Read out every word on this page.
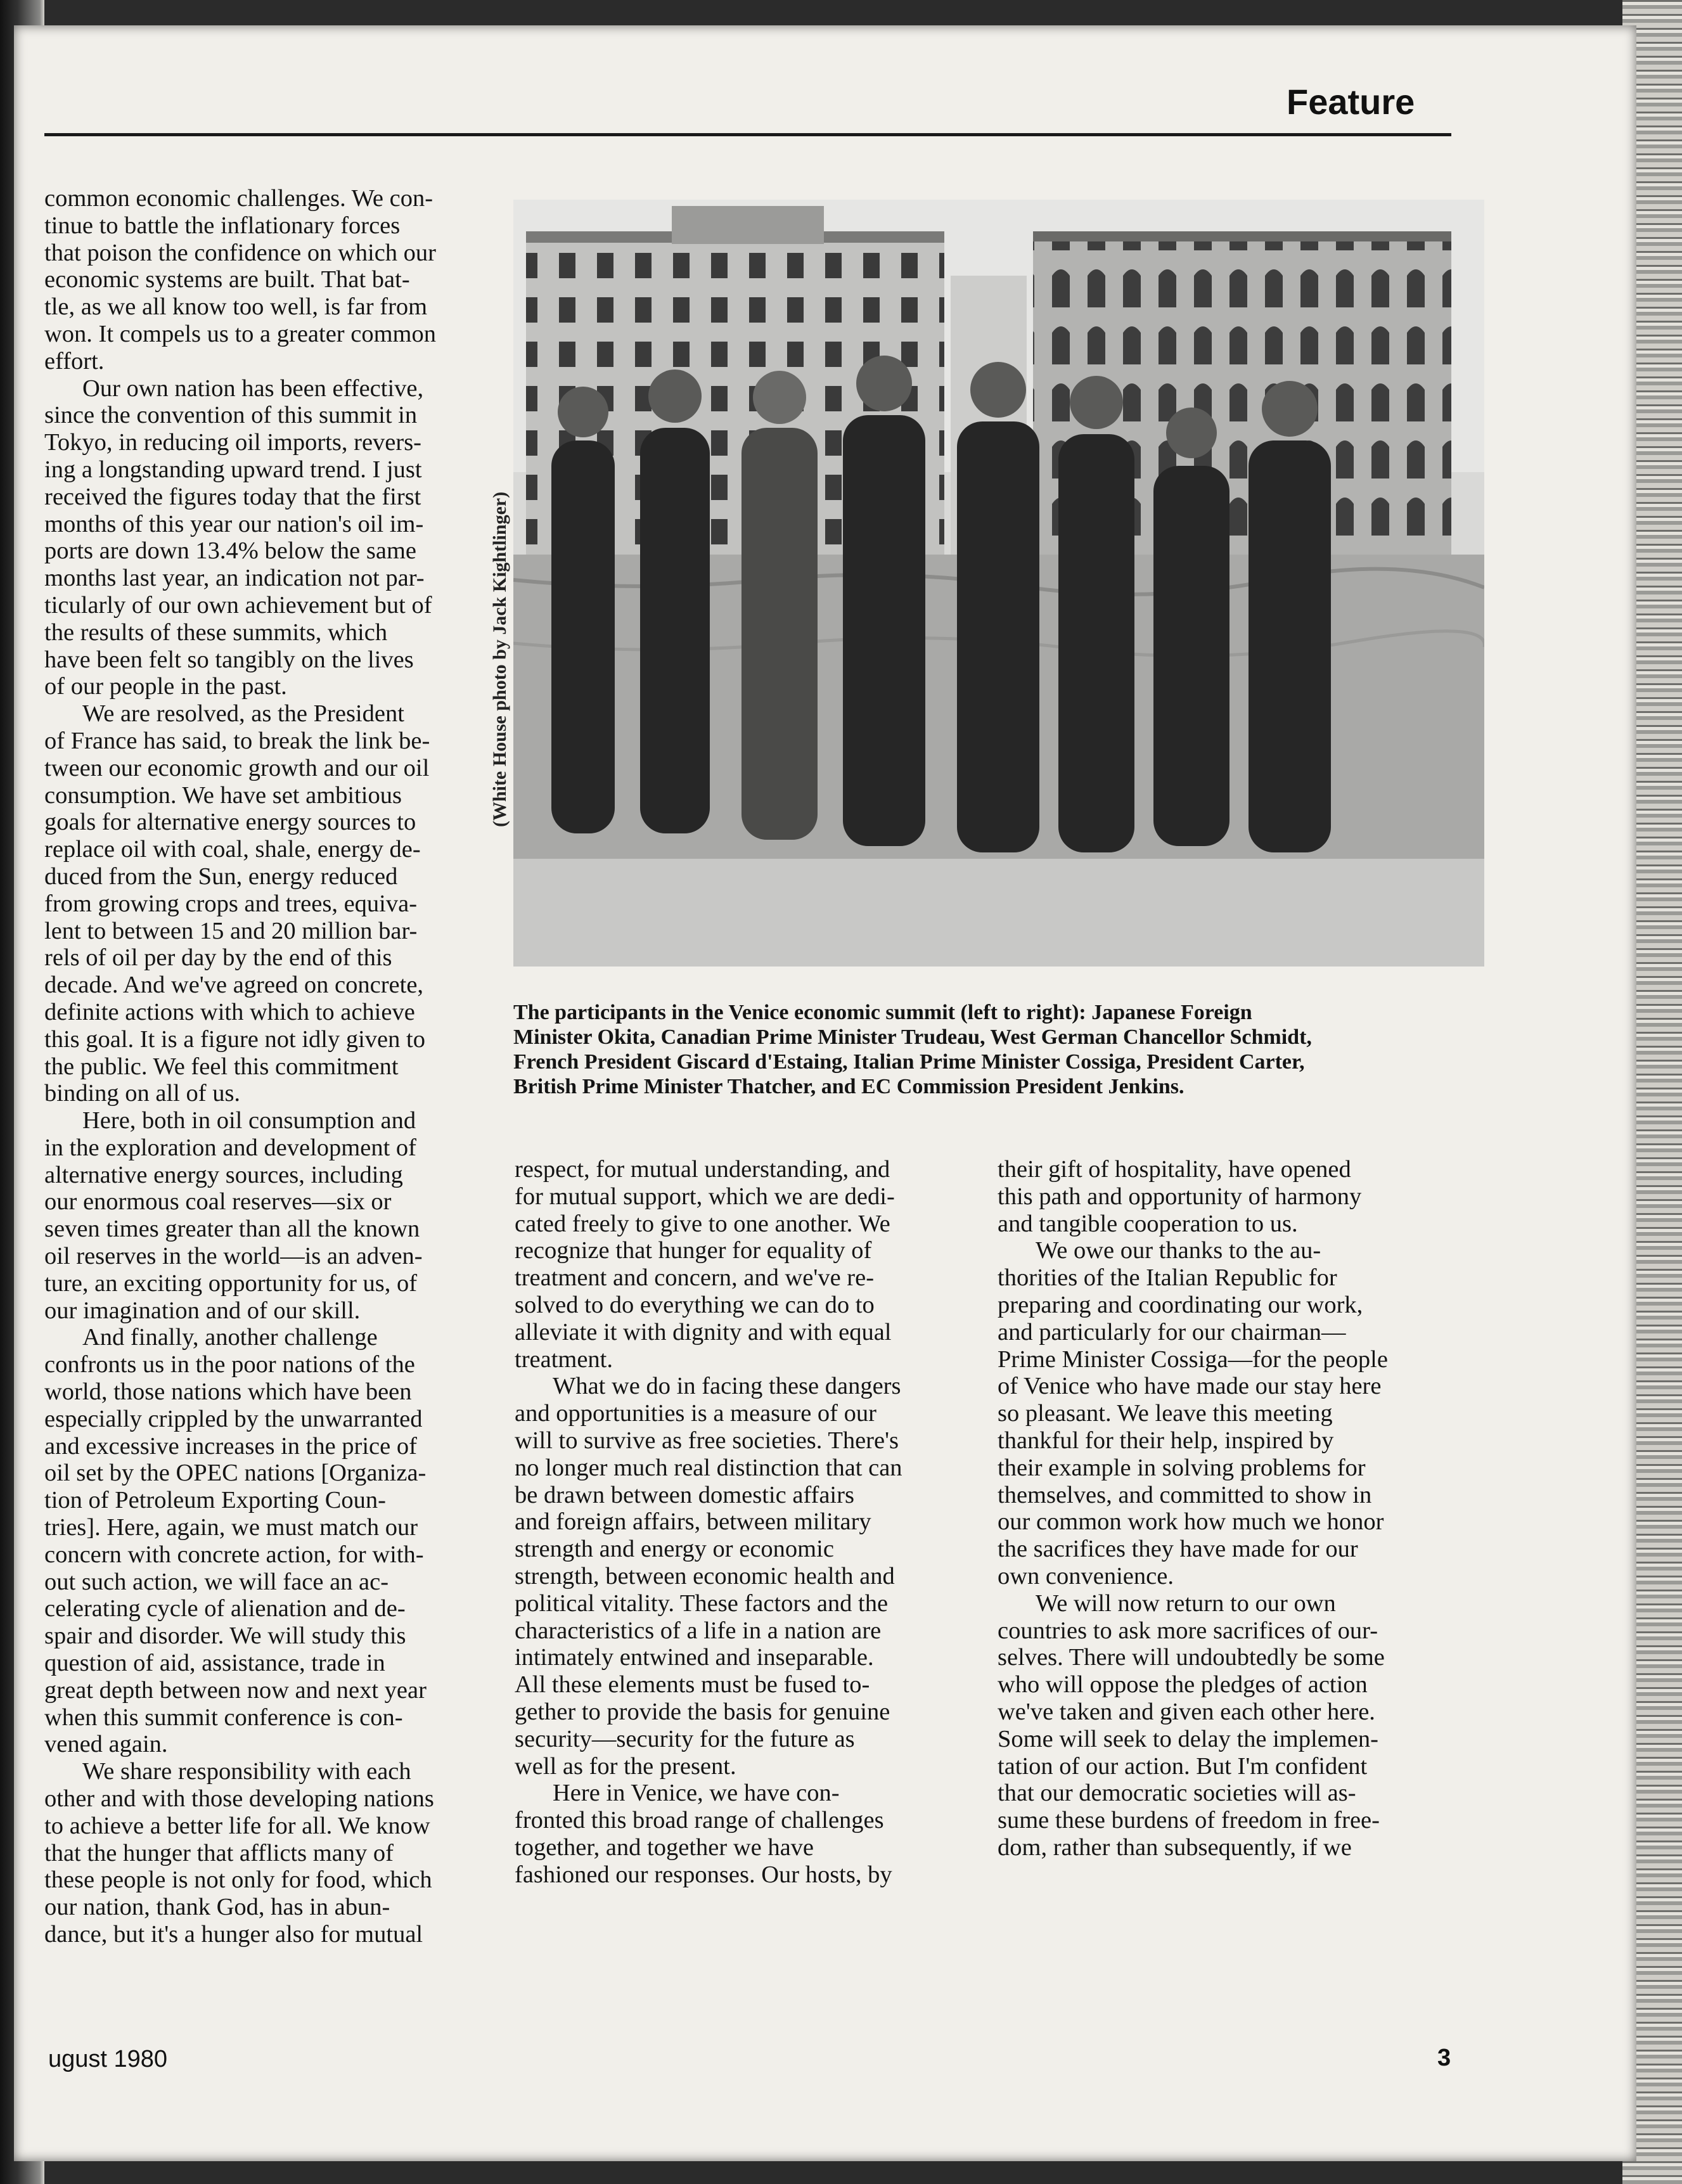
Feature

common economic challenges. We con-
tinue to battle the inflationary forces
that poison the confidence on which our
economic systems are built. That bat-
tle, as we all know too well, is far from
won. It compels us to a greater common
effort.

Our own nation has been effective,
since the convention of this summit in
Tokyo, in reducing oil imports, revers-
ing a longstanding upward trend. I just
received the figures today that the first
months of this year our nation's oil im-
ports are down 13.4% below the same
months last year, an indication not par-
ticularly of our own achievement but of
the results of these summits, which
have been felt so tangibly on the lives
of our people in the past.

We are resolved, as the President
of France has said, to break the link be-
tween our economic growth and our oil
consumption. We have set ambitious
goals for alternative energy sources to
replace oil with coal, shale, energy de-
duced from the Sun, energy reduced
from growing crops and trees, equiva-
lent to between 15 and 20 million bar-
rels of oil per day by the end of this
decade. And we've agreed on concrete,
definite actions with which to achieve
this goal. It is a figure not idly given to
the public. We feel this commitment
binding on all of us.

Here, both in oil consumption and
in the exploration and development of
alternative energy sources, including
our enormous coal reserves—six or
seven times greater than all the known
oil reserves in the world—is an adven-
ture, an exciting opportunity for us, of
our imagination and of our skill.

And finally, another challenge
confronts us in the poor nations of the
world, those nations which have been
especially crippled by the unwarranted
and excessive increases in the price of
oil set by the OPEC nations [Organiza-
tion of Petroleum Exporting Coun-
tries]. Here, again, we must match our
concern with concrete action, for with-
out such action, we will face an ac-
celerating cycle of alienation and de-
spair and disorder. We will study this
question of aid, assistance, trade in
great depth between now and next year
when this summit conference is con-
vened again.

We share responsibility with each
other and with those developing nations
to achieve a better life for all. We know
that the hunger that afflicts many of
these people is not only for food, which
our nation, thank God, has in abun-
dance, but it's a hunger also for mutual

(White House photo by Jack Kightlinger)
The participants in the Venice economic summit (left to right): Japanese Foreign
Minister Okita, Canadian Prime Minister Trudeau, West German Chancellor Schmidt,
French President Giscard d'Estaing, Italian Prime Minister Cossiga, President Carter,
British Prime Minister Thatcher, and EC Commission President Jenkins.

respect, for mutual understanding, and
for mutual support, which we are dedi-
cated freely to give to one another. We
recognize that hunger for equality of
treatment and concern, and we've re-
solved to do everything we can do to
alleviate it with dignity and with equal
treatment.

What we do in facing these dangers
and opportunities is a measure of our
will to survive as free societies. There's
no longer much real distinction that can
be drawn between domestic affairs
and foreign affairs, between military
strength and energy or economic
strength, between economic health and
political vitality. These factors and the
characteristics of a life in a nation are
intimately entwined and inseparable.
All these elements must be fused to-
gether to provide the basis for genuine
security—security for the future as
well as for the present.

Here in Venice, we have con-
fronted this broad range of challenges
together, and together we have
fashioned our responses. Our hosts, by

their gift of hospitality, have opened
this path and opportunity of harmony
and tangible cooperation to us.

We owe our thanks to the au-
thorities of the Italian Republic for
preparing and coordinating our work,
and particularly for our chairman—
Prime Minister Cossiga—for the people
of Venice who have made our stay here
so pleasant. We leave this meeting
thankful for their help, inspired by
their example in solving problems for
themselves, and committed to show in
our common work how much we honor
the sacrifices they have made for our
own convenience.

We will now return to our own
countries to ask more sacrifices of our-
selves. There will undoubtedly be some
who will oppose the pledges of action
we've taken and given each other here.
Some will seek to delay the implemen-
tation of our action. But I'm confident
that our democratic societies will as-
sume these burdens of freedom in free-
dom, rather than subsequently, if we

ugust 1980	3
